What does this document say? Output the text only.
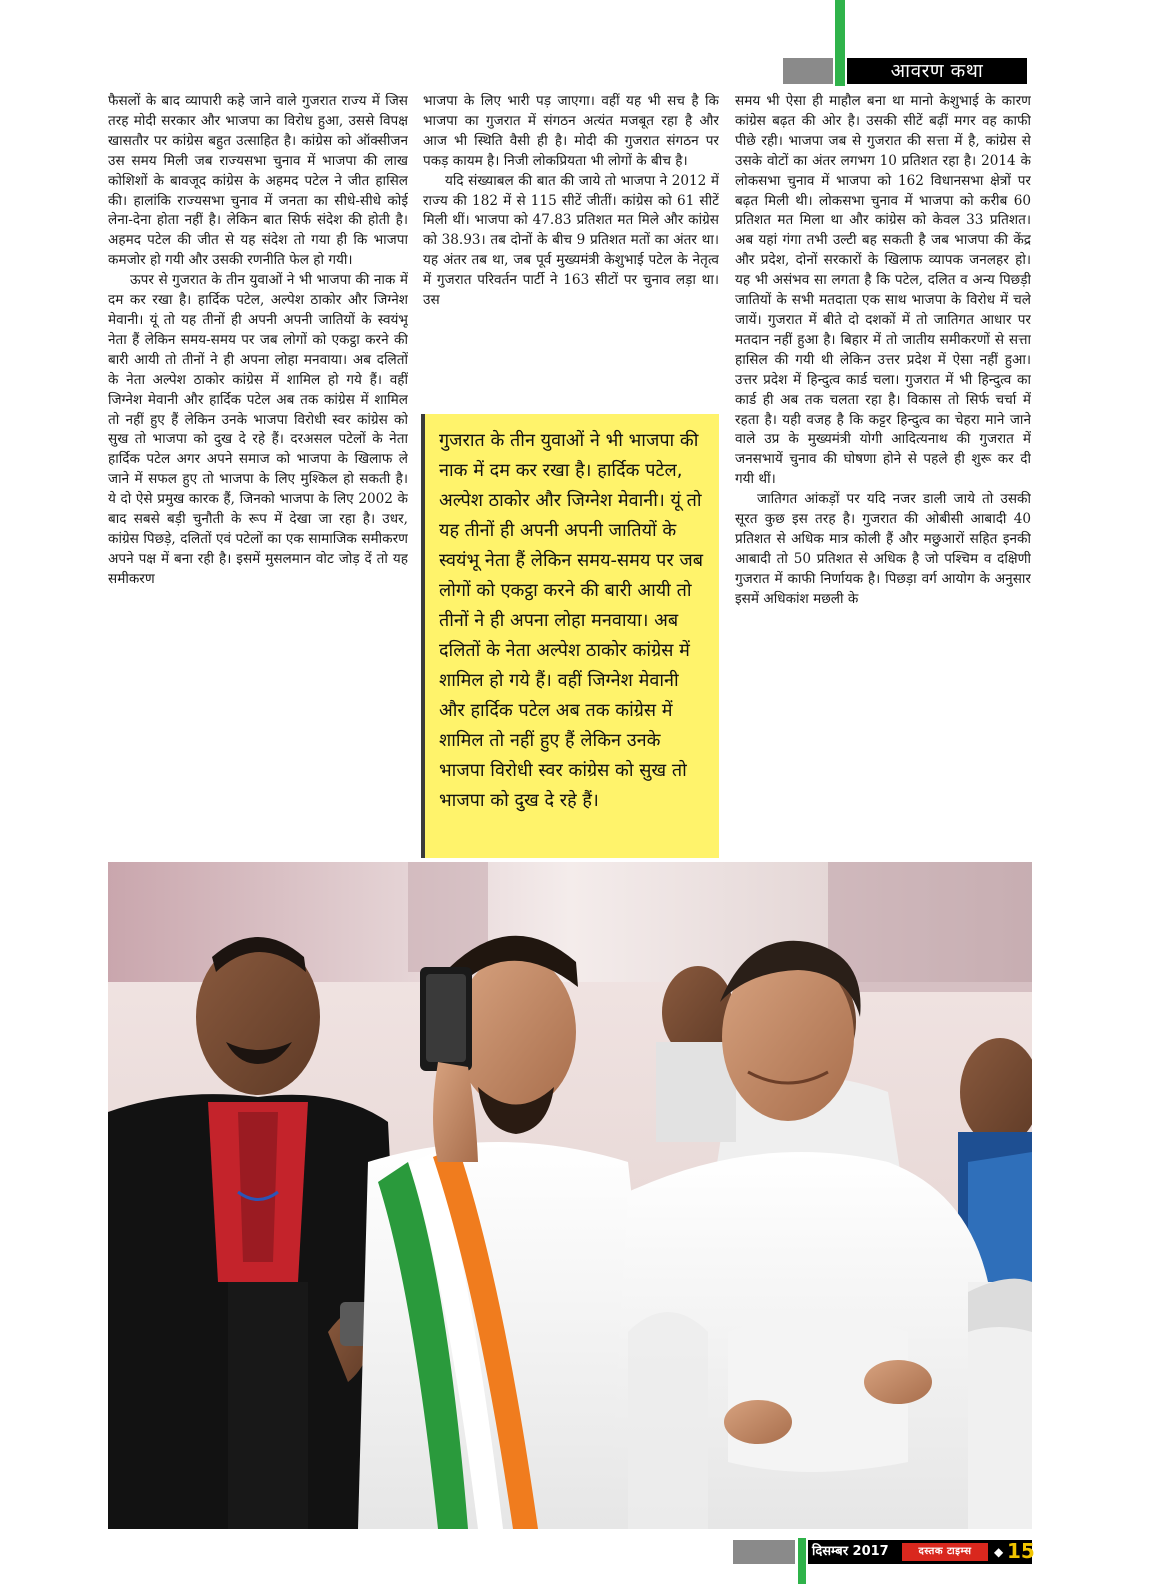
आवरण कथा

फैसलों के बाद व्यापारी कहे जाने वाले गुजरात राज्य में जिस तरह मोदी सरकार और भाजपा का विरोध हुआ, उससे विपक्ष खासतौर पर कांग्रेस बहुत उत्साहित है। कांग्रेस को ऑक्सीजन उस समय मिली जब राज्यसभा चुनाव में भाजपा की लाख कोशिशों के बावजूद कांग्रेस के अहमद पटेल ने जीत हासिल की। हालांकि राज्यसभा चुनाव में जनता का सीधे-सीधे कोई लेना-देना होता नहीं है। लेकिन बात सिर्फ संदेश की होती है। अहमद पटेल की जीत से यह संदेश तो गया ही कि भाजपा कमजोर हो गयी और उसकी रणनीति फेल हो गयी।

ऊपर से गुजरात के तीन युवाओं ने भी भाजपा की नाक में दम कर रखा है। हार्दिक पटेल, अल्पेश ठाकोर और जिग्नेश मेवानी। यूं तो यह तीनों ही अपनी अपनी जातियों के स्वयंभू नेता हैं लेकिन समय-समय पर जब लोगों को एकट्ठा करने की बारी आयी तो तीनों ने ही अपना लोहा मनवाया। अब दलितों के नेता अल्पेश ठाकोर कांग्रेस में शामिल हो गये हैं। वहीं जिग्नेश मेवानी और हार्दिक पटेल अब तक कांग्रेस में शामिल तो नहीं हुए हैं लेकिन उनके भाजपा विरोधी स्वर कांग्रेस को सुख तो भाजपा को दुख दे रहे हैं। दरअसल पटेलों के नेता हार्दिक पटेल अगर अपने समाज को भाजपा के खिलाफ ले जाने में सफल हुए तो भाजपा के लिए मुश्किल हो सकती है। ये दो ऐसे प्रमुख कारक हैं, जिनको भाजपा के लिए 2002 के बाद सबसे बड़ी चुनौती के रूप में देखा जा रहा है। उधर, कांग्रेस पिछड़े, दलितों एवं पटेलों का एक सामाजिक समीकरण अपने पक्ष में बना रही है। इसमें मुसलमान वोट जोड़ दें तो यह समीकरण

भाजपा के लिए भारी पड़ जाएगा। वहीं यह भी सच है कि भाजपा का गुजरात में संगठन अत्यंत मजबूत रहा है और आज भी स्थिति वैसी ही है। मोदी की गुजरात संगठन पर पकड़ कायम है। निजी लोकप्रियता भी लोगों के बीच है।

यदि संख्याबल की बात की जाये तो भाजपा ने 2012 में राज्य की 182 में से 115 सीटें जीतीं। कांग्रेस को 61 सीटें मिली थीं। भाजपा को 47.83 प्रतिशत मत मिले और कांग्रेस को 38.93। तब दोनों के बीच 9 प्रतिशत मतों का अंतर था। यह अंतर तब था, जब पूर्व मुख्यमंत्री केशुभाई पटेल के नेतृत्व में गुजरात परिवर्तन पार्टी ने 163 सीटों पर चुनाव लड़ा था। उस

गुजरात के तीन युवाओं ने भी भाजपा की नाक में दम कर रखा है। हार्दिक पटेल, अल्पेश ठाकोर और जिग्नेश मेवानी। यूं तो यह तीनों ही अपनी अपनी जातियों के स्वयंभू नेता हैं लेकिन समय-समय पर जब लोगों को एकट्ठा करने की बारी आयी तो तीनों ने ही अपना लोहा मनवाया। अब दलितों के नेता अल्पेश ठाकोर कांग्रेस में शामिल हो गये हैं। वहीं जिग्नेश मेवानी और हार्दिक पटेल अब तक कांग्रेस में शामिल तो नहीं हुए हैं लेकिन उनके भाजपा विरोधी स्वर कांग्रेस को सुख तो भाजपा को दुख दे रहे हैं।

समय भी ऐसा ही माहौल बना था मानो केशुभाई के कारण कांग्रेस बढ़त की ओर है। उसकी सीटें बढ़ीं मगर वह काफी पीछे रही। भाजपा जब से गुजरात की सत्ता में है, कांग्रेस से उसके वोटों का अंतर लगभग 10 प्रतिशत रहा है। 2014 के लोकसभा चुनाव में भाजपा को 162 विधानसभा क्षेत्रों पर बढ़त मिली थी। लोकसभा चुनाव में भाजपा को करीब 60 प्रतिशत मत मिला था और कांग्रेस को केवल 33 प्रतिशत। अब यहां गंगा तभी उल्टी बह सकती है जब भाजपा की केंद्र और प्रदेश, दोनों सरकारों के खिलाफ व्यापक जनलहर हो। यह भी असंभव सा लगता है कि पटेल, दलित व अन्य पिछड़ी जातियों के सभी मतदाता एक साथ भाजपा के विरोध में चले जायें। गुजरात में बीते दो दशकों में तो जातिगत आधार पर मतदान नहीं हुआ है। बिहार में तो जातीय समीकरणों से सत्ता हासिल की गयी थी लेकिन उत्तर प्रदेश में ऐसा नहीं हुआ। उत्तर प्रदेश में हिन्दुत्व कार्ड चला। गुजरात में भी हिन्दुत्व का कार्ड ही अब तक चलता रहा है। विकास तो सिर्फ चर्चा में रहता है। यही वजह है कि कट्टर हिन्दुत्व का चेहरा माने जाने वाले उप्र के मुख्यमंत्री योगी आदित्यनाथ की गुजरात में जनसभायें चुनाव की घोषणा होने से पहले ही शुरू कर दी गयी थीं।

जातिगत आंकड़ों पर यदि नजर डाली जाये तो उसकी सूरत कुछ इस तरह है। गुजरात की ओबीसी आबादी 40 प्रतिशत से अधिक मात्र कोली हैं और मछुआरों सहित इनकी आबादी तो 50 प्रतिशत से अधिक है जो पश्चिम व दक्षिणी गुजरात में काफी निर्णायक है। पिछड़ा वर्ग आयोग के अनुसार इसमें अधिकांश मछली के

दिसम्बर 2017	दस्तक टाइम्स	◆ 15
